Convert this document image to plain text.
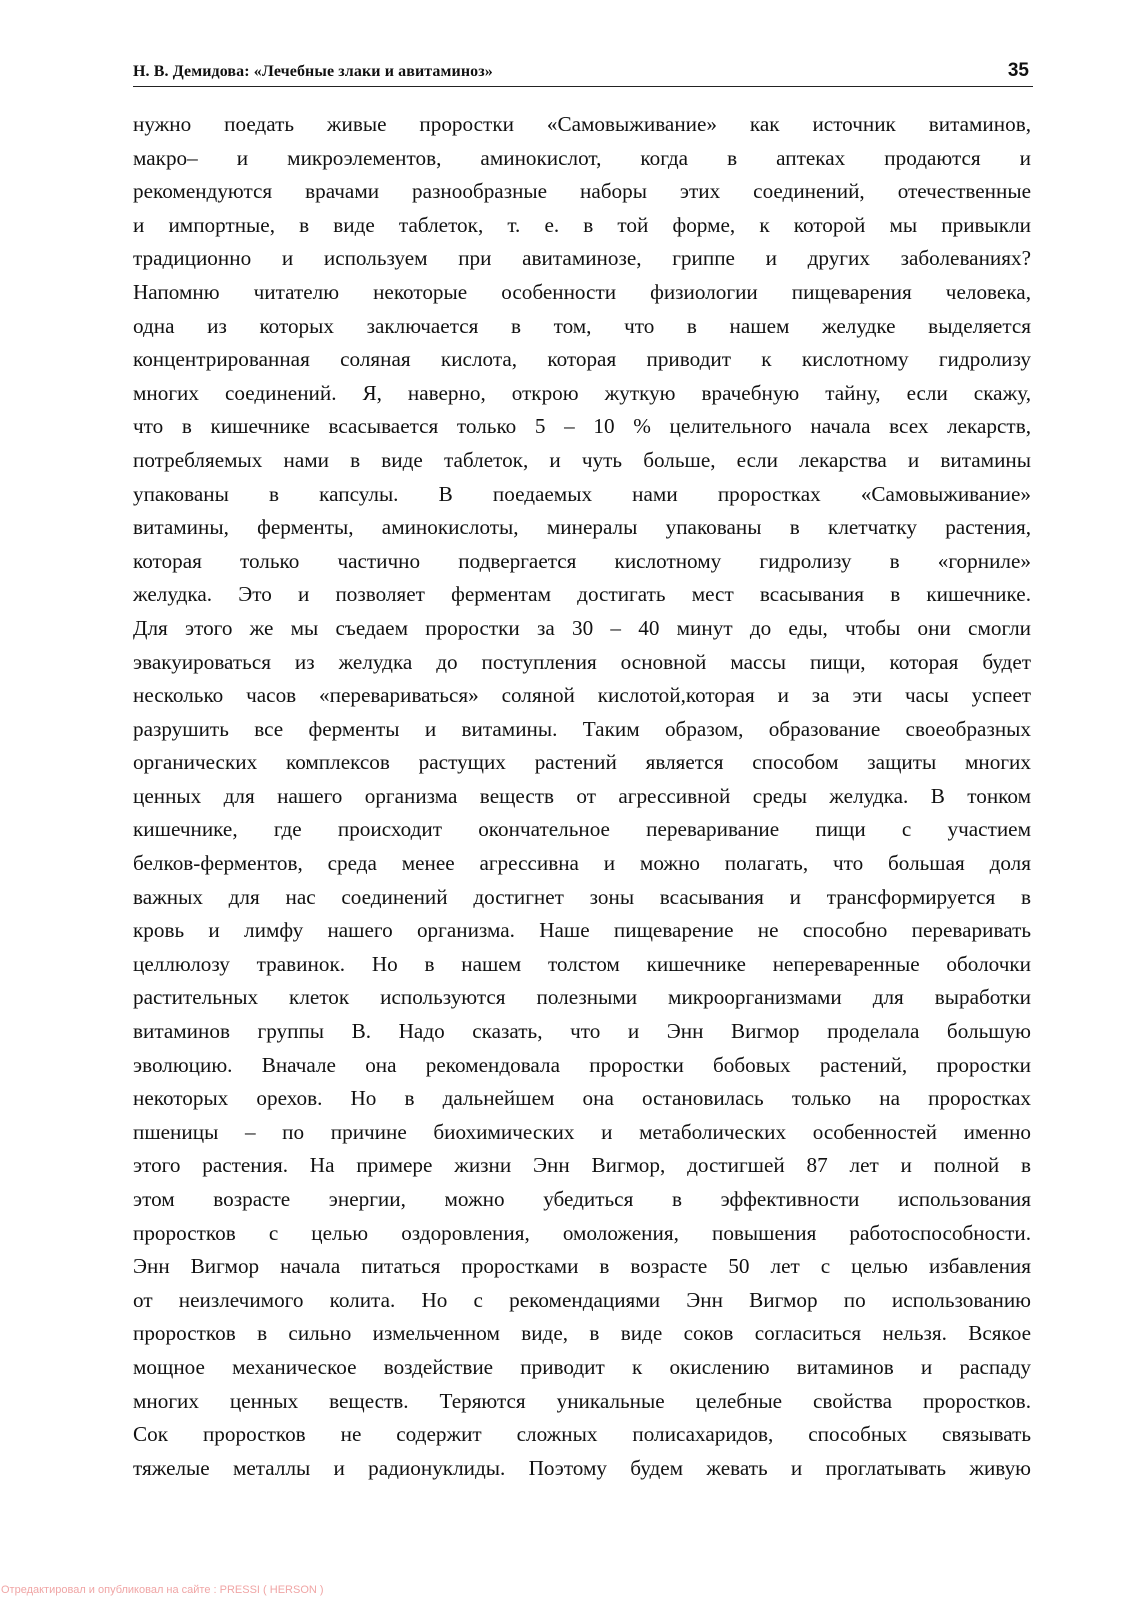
Н. В. Демидова: «Лечебные злаки и авитаминоз»	35
нужно поедать живые проростки «Самовыживание» как источник витаминов,
макро– и микроэлементов, аминокислот, когда в аптеках продаются и
рекомендуются врачами разнообразные наборы этих соединений, отечественные
и импортные, в виде таблеток, т. е. в той форме, к которой мы привыкли
традиционно и используем при авитаминозе, гриппе и других заболеваниях?
Напомню читателю некоторые особенности физиологии пищеварения человека,
одна из которых заключается в том, что в нашем желудке выделяется
концентрированная соляная кислота, которая приводит к кислотному гидролизу
многих соединений. Я, наверно, открою жуткую врачебную тайну, если скажу,
что в кишечнике всасывается только 5 – 10 % целительного начала всех лекарств,
потребляемых нами в виде таблеток, и чуть больше, если лекарства и витамины
упакованы в капсулы. В поедаемых нами проростках «Самовыживание»
витамины, ферменты, аминокислоты, минералы упакованы в клетчатку растения,
которая только частично подвергается кислотному гидролизу в «горниле»
желудка. Это и позволяет ферментам достигать мест всасывания в кишечнике.
Для этого же мы съедаем проростки за 30 – 40 минут до еды, чтобы они смогли
эвакуироваться из желудка до поступления основной массы пищи, которая будет
несколько часов «перевариваться» соляной кислотой,которая и за эти часы успеет
разрушить все ферменты и витамины. Таким образом, образование своеобразных
органических комплексов растущих растений является способом защиты многих
ценных для нашего организма веществ от агрессивной среды желудка. В тонком
кишечнике, где происходит окончательное переваривание пищи с участием
белков-ферментов, среда менее агрессивна и можно полагать, что большая доля
важных для нас соединений достигнет зоны всасывания и трансформируется в
кровь и лимфу нашего организма. Наше пищеварение не способно переваривать
целлюлозу травинок. Но в нашем толстом кишечнике непереваренные оболочки
растительных клеток используются полезными микроорганизмами для выработки
витаминов группы В. Надо сказать, что и Энн Вигмор проделала большую
эволюцию. Вначале она рекомендовала проростки бобовых растений, проростки
некоторых орехов. Но в дальнейшем она остановилась только на проростках
пшеницы – по причине биохимических и метаболических особенностей именно
этого растения. На примере жизни Энн Вигмор, достигшей 87 лет и полной в
этом возрасте энергии, можно убедиться в эффективности использования
проростков с целью оздоровления, омоложения, повышения работоспособности.
Энн Вигмор начала питаться проростками в возрасте 50 лет с целью избавления
от неизлечимого колита. Но с рекомендациями Энн Вигмор по использованию
проростков в сильно измельченном виде, в виде соков согласиться нельзя. Всякое
мощное механическое воздействие приводит к окислению витаминов и распаду
многих ценных веществ. Теряются уникальные целебные свойства проростков.
Сок проростков не содержит сложных полисахаридов, способных связывать
тяжелые металлы и радионуклиды. Поэтому будем жевать и проглатывать живую
Отредактировал и опубликовал на сайте : PRESSI ( HERSON )
